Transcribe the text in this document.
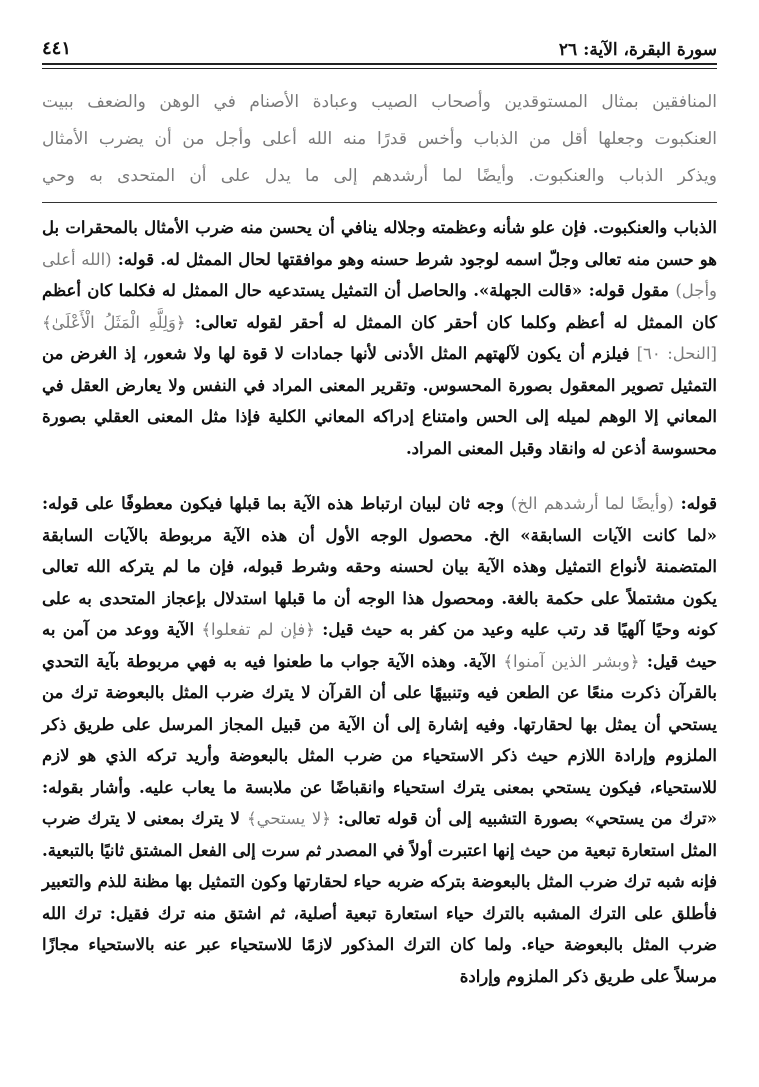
سورة البقرة، الآية: ٢٦
٤٤١

المنافقين بمثال المستوقدين وأصحاب الصيب وعبادة الأصنام في الوهن والضعف ببيت

العنكبوت وجعلها أقل من الذباب وأخس قدرًا منه الله أعلى وأجل من أن يضرب الأمثال

ويذكر الذباب والعنكبوت. وأيضًا لما أرشدهم إلى ما يدل على أن المتحدى به وحي

الذباب والعنكبوت. فإن علو شأنه وعظمته وجلاله ينافي أن يحسن منه ضرب الأمثال بالمحقرات بل هو حسن منه تعالى وجلّ اسمه لوجود شرط حسنه وهو موافقتها لحال الممثل له. قوله: (الله أعلى وأجل) مقول قوله: «قالت الجهلة». والحاصل أن التمثيل يستدعيه حال الممثل له فكلما كان أعظم كان الممثل له أعظم وكلما كان أحقر كان الممثل له أحقر لقوله تعالى: ﴿وَلِلَّهِ الْمَثَلُ الْأَعْلَىٰ﴾ [النحل: ٦٠] فيلزم أن يكون لآلهتهم المثل الأدنى لأنها جمادات لا قوة لها ولا شعور، إذ الغرض من التمثيل تصوير المعقول بصورة المحسوس. وتقرير المعنى المراد في النفس ولا يعارض العقل في المعاني إلا الوهم لميله إلى الحس وامتناع إدراكه المعاني الكلية فإذا مثل المعنى العقلي بصورة محسوسة أذعن له وانقاد وقبل المعنى المراد.

قوله: (وأيضًا لما أرشدهم الخ) وجه ثان لبيان ارتباط هذه الآية بما قبلها فيكون معطوفًا على قوله: «لما كانت الآيات السابقة» الخ. محصول الوجه الأول أن هذه الآية مربوطة بالآيات السابقة المتضمنة لأنواع التمثيل وهذه الآية بيان لحسنه وحقه وشرط قبوله، فإن ما لم يتركه الله تعالى يكون مشتملاً على حكمة بالغة. ومحصول هذا الوجه أن ما قبلها استدلال بإعجاز المتحدى به على كونه وحيًا آلهيًا قد رتب عليه وعيد من كفر به حيث قيل: ﴿فإن لم تفعلوا﴾ الآية ووعد من آمن به حيث قيل: ﴿وبشر الذين آمنوا﴾ الآية. وهذه الآية جواب ما طعنوا فيه به فهي مربوطة بآية التحدي بالقرآن ذكرت منعًا عن الطعن فيه وتنبيهًا على أن القرآن لا يترك ضرب المثل بالبعوضة ترك من يستحي أن يمثل بها لحقارتها. وفيه إشارة إلى أن الآية من قبيل المجاز المرسل على طريق ذكر الملزوم وإرادة اللازم حيث ذكر الاستحياء من ضرب المثل بالبعوضة وأريد تركه الذي هو لازم للاستحياء، فيكون يستحي بمعنى يترك استحياء وانقباضًا عن ملابسة ما يعاب عليه. وأشار بقوله: «ترك من يستحي» بصورة التشبيه إلى أن قوله تعالى: ﴿لا يستحي﴾ لا يترك بمعنى لا يترك ضرب المثل استعارة تبعية من حيث إنها اعتبرت أولاً في المصدر ثم سرت إلى الفعل المشتق ثانيًا بالتبعية. فإنه شبه ترك ضرب المثل بالبعوضة بتركه ضربه حياء لحقارتها وكون التمثيل بها مظنة للذم والتعبير فأطلق على الترك المشبه بالترك حياء استعارة تبعية أصلية، ثم اشتق منه ترك فقيل: ترك الله ضرب المثل بالبعوضة حياء. ولما كان الترك المذكور لازمًا للاستحياء عبر عنه بالاستحياء مجازًا مرسلاً على طريق ذكر الملزوم وإرادة
